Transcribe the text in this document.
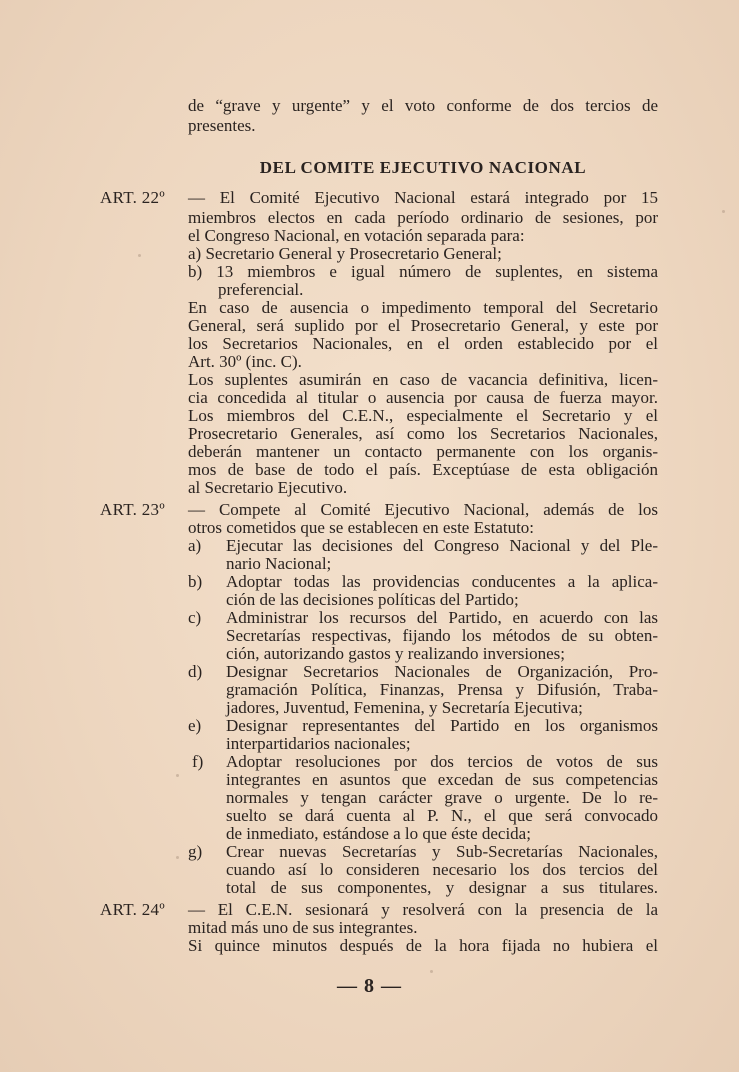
de “grave y urgente” y el voto conforme de dos tercios de
presentes.
DEL COMITE EJECUTIVO NACIONAL
ART. 22º — El Comité Ejecutivo Nacional estará integrado por 15
miembros electos en cada período ordinario de sesiones, por
el Congreso Nacional, en votación separada para:
a) Secretario General y Prosecretario General;
b) 13 miembros e igual número de suplentes, en sistema
preferencial.
En caso de ausencia o impedimento temporal del Secretario
General, será suplido por el Prosecretario General, y este por
los Secretarios Nacionales, en el orden establecido por el
Art. 30º (inc. C).
Los suplentes asumirán en caso de vacancia definitiva, licen-
cia concedida al titular o ausencia por causa de fuerza mayor.
Los miembros del C.E.N., especialmente el Secretario y el
Prosecretario Generales, así como los Secretarios Nacionales,
deberán mantener un contacto permanente con los organis-
mos de base de todo el país. Exceptúase de esta obligación
al Secretario Ejecutivo.
ART. 23º — Compete al Comité Ejecutivo Nacional, además de los
otros cometidos que se establecen en este Estatuto:
a) Ejecutar las decisiones del Congreso Nacional y del Ple-
nario Nacional;
b) Adoptar todas las providencias conducentes a la aplica-
ción de las decisiones políticas del Partido;
c) Administrar los recursos del Partido, en acuerdo con las
Secretarías respectivas, fijando los métodos de su obten-
ción, autorizando gastos y realizando inversiones;
d) Designar Secretarios Nacionales de Organización, Pro-
gramación Política, Finanzas, Prensa y Difusión, Traba-
jadores, Juventud, Femenina, y Secretaría Ejecutiva;
e) Designar representantes del Partido en los organismos
interpartidarios nacionales;
f) Adoptar resoluciones por dos tercios de votos de sus
integrantes en asuntos que excedan de sus competencias
normales y tengan carácter grave o urgente. De lo re-
suelto se dará cuenta al P. N., el que será convocado
de inmediato, estándose a lo que éste decida;
g) Crear nuevas Secretarías y Sub-Secretarías Nacionales,
cuando así lo consideren necesario los dos tercios del
total de sus componentes, y designar a sus titulares.
ART. 24º — El C.E.N. sesionará y resolverá con la presencia de la
mitad más uno de sus integrantes.
Si quince minutos después de la hora fijada no hubiera el
— 8 —
